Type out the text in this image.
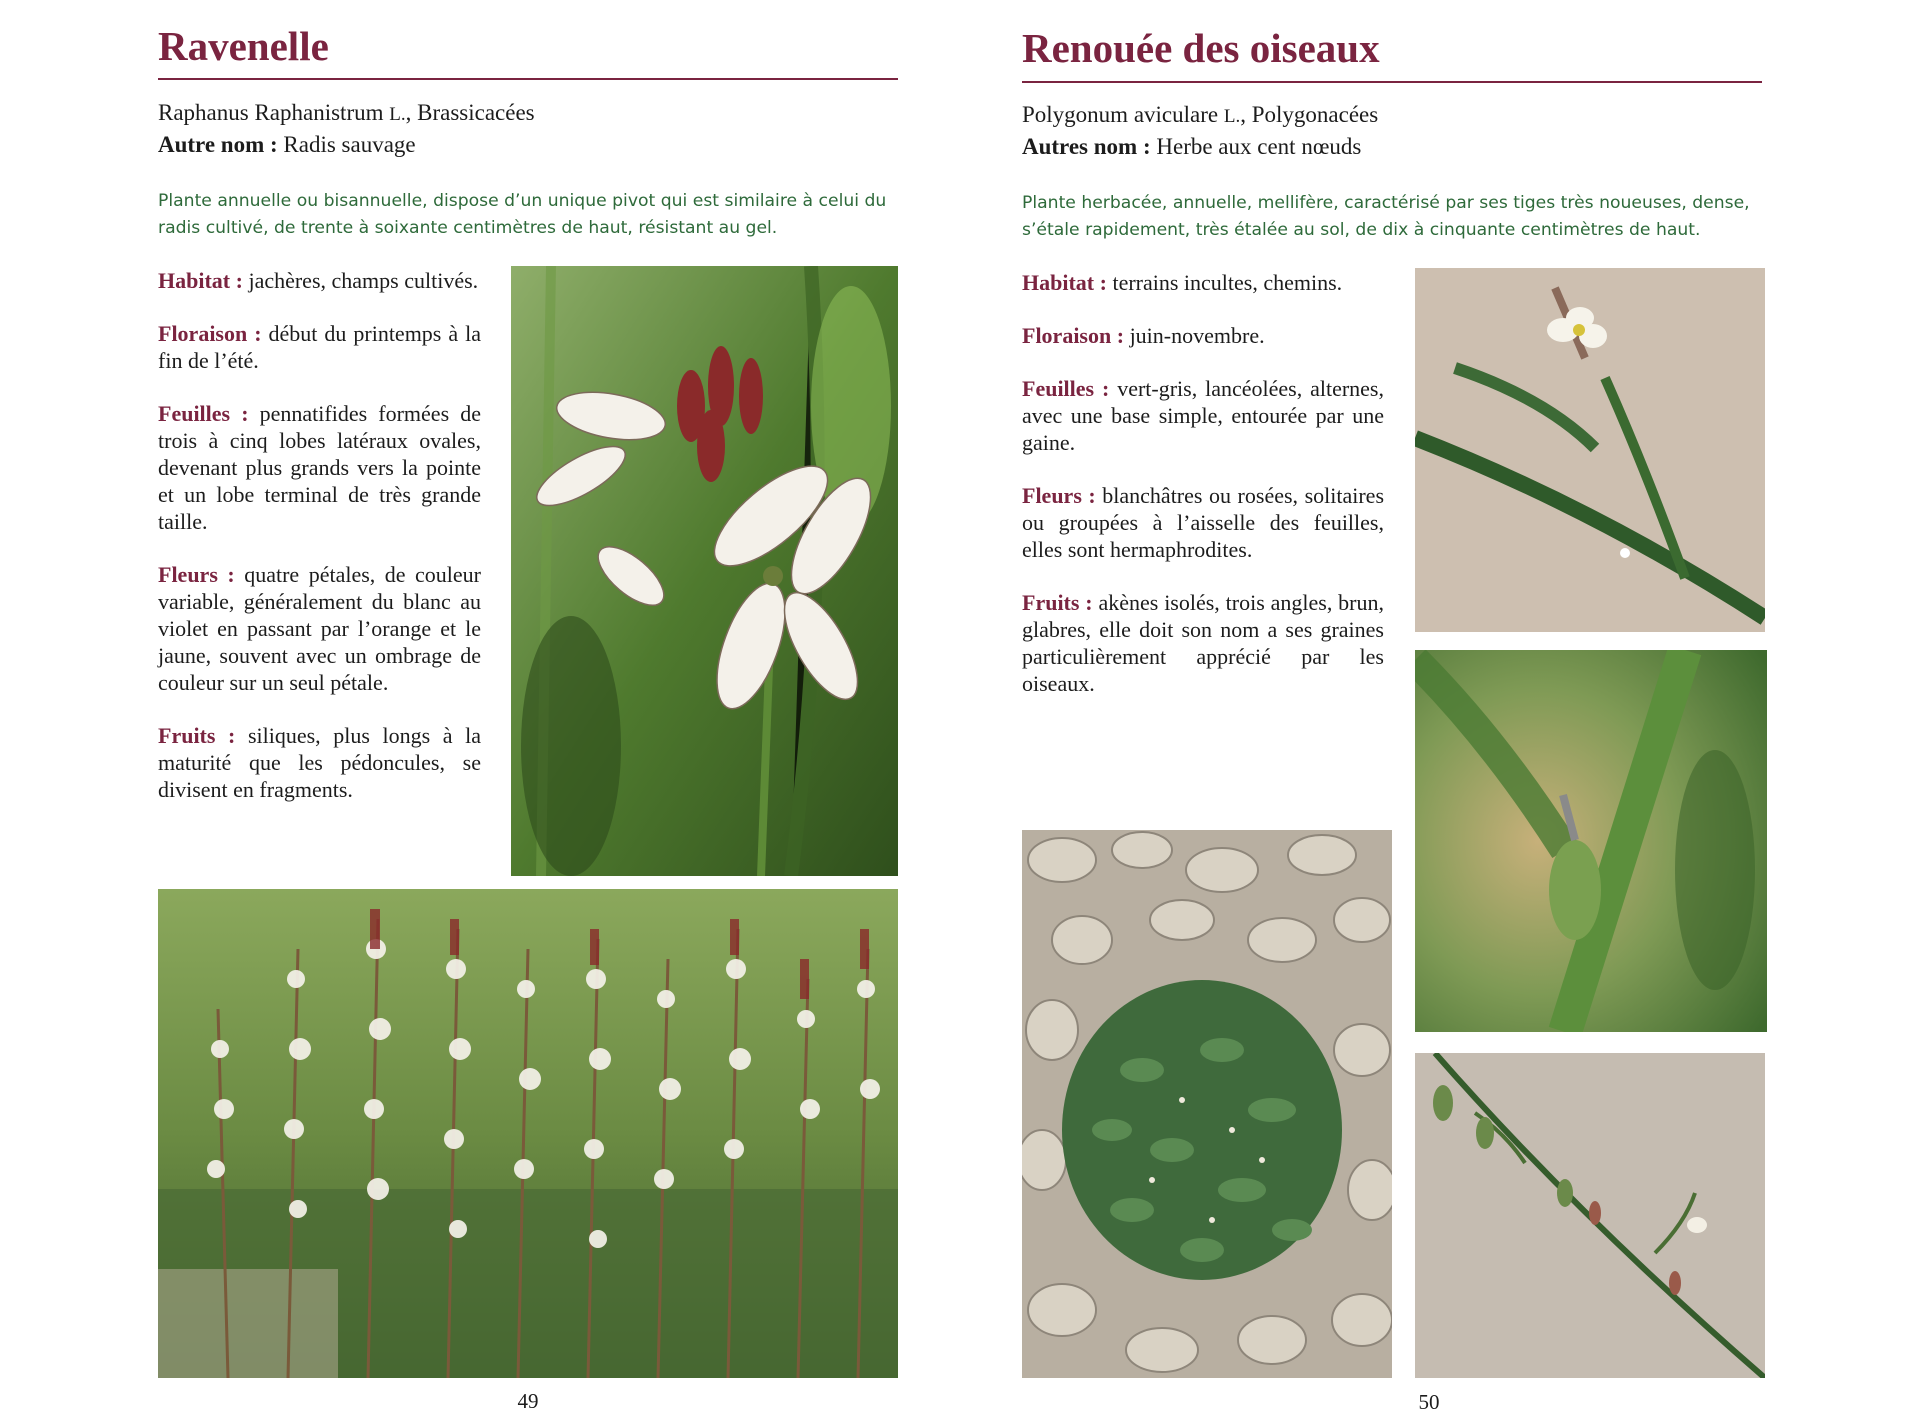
Ravenelle
Raphanus Raphanistrum L., Brassicacées
Autre nom : Radis sauvage

Plante annuelle ou bisannuelle, dispose d’un unique pivot qui est similaire à celui du radis cultivé, de trente à soixante centimètres de haut, résistant au gel.

Habitat : jachères, champs cultivés.

Floraison : début du printemps à la fin de l’été.

Feuilles : pennatifides formées de trois à cinq lobes latéraux ovales, devenant plus grands vers la pointe et un lobe terminal de très grande taille.

Fleurs : quatre pétales, de couleur variable, généralement du blanc au violet en passant par l’orange et le jaune, souvent avec un ombrage de couleur sur un seul pétale.

Fruits : siliques, plus longs à la maturité que les pédoncules, se divisent en fragments.

49
Renouée des oiseaux
Polygonum aviculare L., Polygonacées
Autres nom : Herbe aux cent nœuds

Plante herbacée, annuelle, mellifère, caractérisé par ses tiges très noueuses, dense, s’étale rapidement, très étalée au sol, de dix à cinquante centimètres de haut.

Habitat : terrains incultes, chemins.

Floraison : juin-novembre.

Feuilles : vert-gris, lancéolées, alternes, avec une base simple, entourée par une gaine.

Fleurs : blanchâtres ou rosées, solitaires ou groupées à l’aisselle des feuilles, elles sont hermaphrodites.

Fruits : akènes isolés, trois angles, brun, glabres, elle doit son nom a ses graines particulièrement apprécié par les oiseaux.

50
